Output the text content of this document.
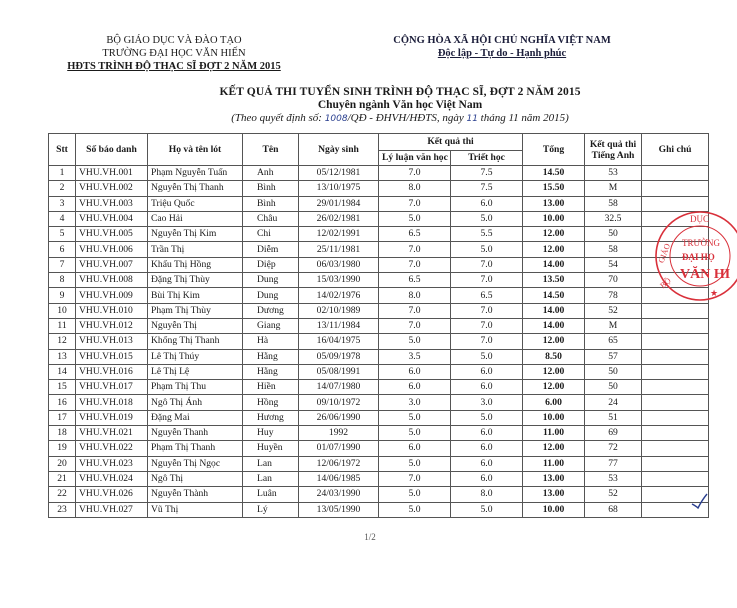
BỘ GIÁO DỤC VÀ ĐÀO TẠO
TRƯỜNG ĐẠI HỌC VĂN HIẾN
HĐTS TRÌNH ĐỘ THẠC SĨ ĐỢT 2 NĂM 2015
CỘNG HÒA XÃ HỘI CHỦ NGHĨA VIỆT NAM
Độc lập - Tự do - Hạnh phúc
KẾT QUẢ THI TUYỂN SINH TRÌNH ĐỘ THẠC SĨ, ĐỢT 2 NĂM 2015
Chuyên ngành Văn học Việt Nam
(Theo quyết định số: 1008/QĐ - ĐHVH/HĐTS, ngày 11 tháng 11 năm 2015)
Stt	Số báo danh	Họ và tên lót	Tên	Ngày sinh	Kết quả thi		Tổng	Kết quả thi Tiếng Anh	Ghi chú
					Lý luận văn học	Triết học			
1	VHU.VH.001	Phạm Nguyễn Tuấn	Anh	05/12/1981	7.0	7.5	14.50	53	
2	VHU.VH.002	Nguyễn Thị Thanh	Bình	13/10/1975	8.0	7.5	15.50	M	
3	VHU.VH.003	Triệu Quốc	Bình	29/01/1984	7.0	6.0	13.00	58	
4	VHU.VH.004	Cao Hải	Châu	26/02/1981	5.0	5.0	10.00	32.5	
5	VHU.VH.005	Nguyễn Thị Kim	Chi	12/02/1991	6.5	5.5	12.00	50	
6	VHU.VH.006	Trần Thị	Diễm	25/11/1981	7.0	5.0	12.00	58	
7	VHU.VH.007	Khấu Thị Hồng	Diệp	06/03/1980	7.0	7.0	14.00	54	
8	VHU.VH.008	Đặng Thị Thùy	Dung	15/03/1990	6.5	7.0	13.50	70	
9	VHU.VH.009	Bùi Thị Kim	Dung	14/02/1976	8.0	6.5	14.50	78	
10	VHU.VH.010	Phạm Thị Thùy	Dương	02/10/1989	7.0	7.0	14.00	52	
11	VHU.VH.012	Nguyễn Thị	Giang	13/11/1984	7.0	7.0	14.00	M	
12	VHU.VH.013	Khổng Thị Thanh	Hà	16/04/1975	5.0	7.0	12.00	65	
13	VHU.VH.015	Lê Thị Thúy	Hằng	05/09/1978	3.5	5.0	8.50	57	
14	VHU.VH.016	Lê Thị Lệ	Hằng	05/08/1991	6.0	6.0	12.00	50	
15	VHU.VH.017	Phạm Thị Thu	Hiền	14/07/1980	6.0	6.0	12.00	50	
16	VHU.VH.018	Ngô Thị Ánh	Hồng	09/10/1972	3.0	3.0	6.00	24	
17	VHU.VH.019	Đặng Mai	Hương	26/06/1990	5.0	5.0	10.00	51	
18	VHU.VH.021	Nguyễn Thanh	Huy	1992	5.0	6.0	11.00	69	
19	VHU.VH.022	Phạm Thị Thanh	Huyền	01/07/1990	6.0	6.0	12.00	72	
20	VHU.VH.023	Nguyễn Thị Ngọc	Lan	12/06/1972	5.0	6.0	11.00	77	
21	VHU.VH.024	Ngô Thị	Lan	14/06/1985	7.0	6.0	13.00	53	
22	VHU.VH.026	Nguyễn Thành	Luân	24/03/1990	5.0	8.0	13.00	52	
23	VHU.VH.027	Vũ Thị	Lý	13/05/1990	5.0	5.0	10.00	68	
DỤC
GIÁO
BỘ
TRƯỜNG
ĐẠI HỌ
VĂN HI
★
1/2
